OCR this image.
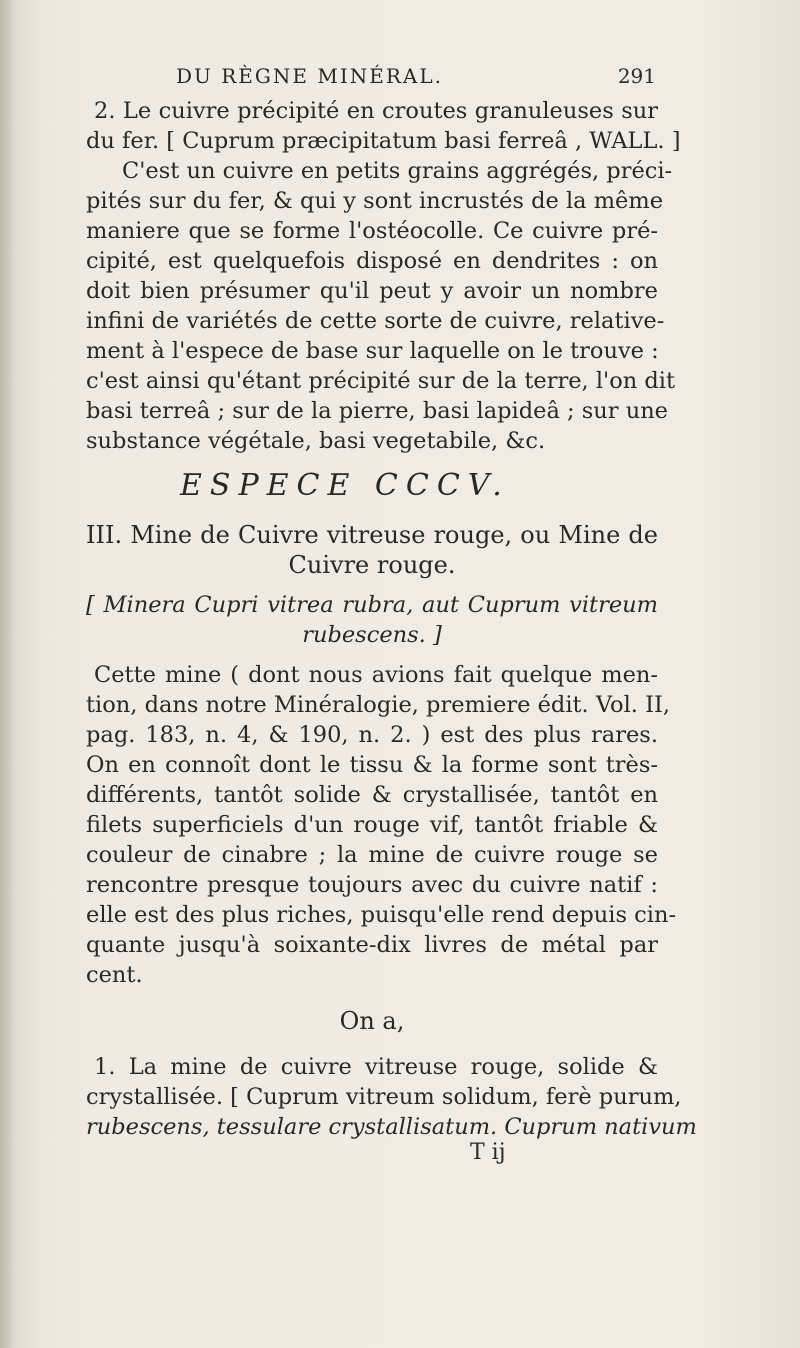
DU RÈGNE MINÉRAL.	291
2. Le cuivre précipité en croutes granuleuses sur
du fer. [ Cuprum præcipitatum basi ferreâ , WALL. ]
C'est un cuivre en petits grains aggrégés, préci-
pités sur du fer, & qui y sont incrustés de la même
maniere que se forme l'ostéocolle. Ce cuivre pré-
cipité, est quelquefois disposé en dendrites : on
doit bien présumer qu'il peut y avoir un nombre
infini de variétés de cette sorte de cuivre, relative-
ment à l'espece de base sur laquelle on le trouve :
c'est ainsi qu'étant précipité sur de la terre, l'on dit
basi terreâ ; sur de la pierre, basi lapideâ ; sur une
substance végétale, basi vegetabile, &c.
ESPECE CCCV.
III. Mine de Cuivre vitreuse rouge, ou Mine de
Cuivre rouge.
[ Minera Cupri vitrea rubra, aut Cuprum vitreum
rubescens. ]
Cette mine ( dont nous avions fait quelque men-
tion, dans notre Minéralogie, premiere édit. Vol. II,
pag. 183, n. 4, & 190, n. 2. ) est des plus rares.
On en connoît dont le tissu & la forme sont très-
différents, tantôt solide & crystallisée, tantôt en
filets superficiels d'un rouge vif, tantôt friable &
couleur de cinabre ; la mine de cuivre rouge se
rencontre presque toujours avec du cuivre natif :
elle est des plus riches, puisqu'elle rend depuis cin-
quante jusqu'à soixante-dix livres de métal par
cent.
On a,
1. La mine de cuivre vitreuse rouge, solide &
crystallisée. [ Cuprum vitreum solidum, ferè purum,
rubescens, tessulare crystallisatum. Cuprum nativum
T ij
